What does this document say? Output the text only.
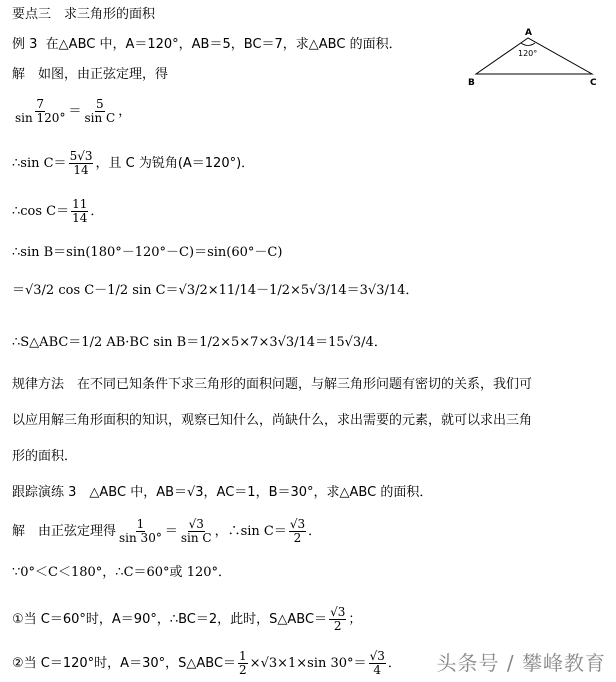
要点三　求三角形的面积
例 3 在△ABC 中，A＝120°，AB＝5，BC＝7，求△ABC 的面积．
A
120°
B	C
解　如图，由正弦定理，得
$\frac{7}{\sin 120^\circ} = \frac{5}{\text{sin C}}$ ，
∴sin $C= \frac{5√3}{14}$ ，且 C 为锐角(A＝120°)．
∴cos $C= \frac{11}{14}$ ．
∴sin B＝sin(180°－120°－C)＝sin(60°－C)
＝√3/2 cos C－1/2 sin C＝√3/2×11/14－1/2×5√3/14＝3√3/14．
∴S△ABC＝1/2 AB·BC sin B＝1/2×5×7×3√3/14＝15√3/4．
规律方法　在不同已知条件下求三角形的面积问题，与解三角形问题有密切的关系，我们可
以应用解三角形面积的知识，观察已知什么，尚缺什么，求出需要的元素，就可以求出三角
形的面积．
跟踪演练 3　△ABC 中，AB＝√3，AC＝1，B＝30°，求△ABC 的面积．
解　由正弦定理得 $\frac{1}{\sin 30^\circ} = \frac{√3}{\text{sin C}}$ ，∴sin $C= \frac{√3}{2}$ ．
∵0°＜C＜180°，∴C＝60°或 120°．
①当 C＝60°时，A＝90°，∴BC＝2，此时，S△ABC＝ $\frac{√3}{2}$ ；
②当 C＝120°时，A＝30°，S△ABC＝ $\frac{1}{2} \times√3\times 1\times\sin$ $30^\circ= \frac{√3}{4}$ ． 头条号 / 攀峰教育
